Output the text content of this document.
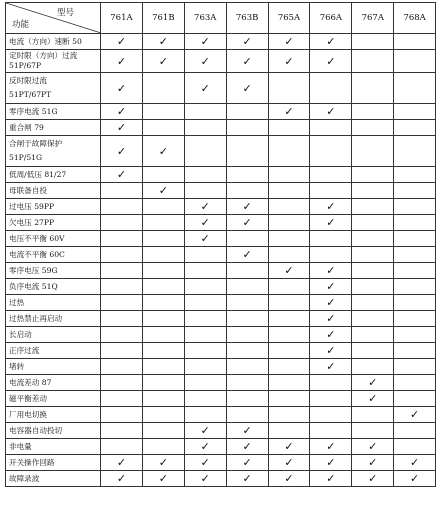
型号
功能	761A	761B	763A	763B	765A	766A	767A	768A

电流（方向）速断 50	✓	✓	✓	✓	✓	✓		

定时限（方向）过流
51P/67P	✓	✓	✓	✓	✓	✓		

反时限过流
51PT/67PT	✓		✓	✓				

零序电流 51G	✓				✓	✓		

重合闸 79	✓							

合闸于故障保护
51P/51G	✓	✓						

低周/低压 81/27	✓							

母联备自投		✓						

过电压 59PP			✓	✓		✓		

欠电压 27PP			✓	✓		✓		

电压不平衡 60V			✓					

电流不平衡 60C				✓				

零序电压 59G					✓	✓		

负序电流 51Q						✓		

过热						✓		

过热禁止再启动						✓		

长启动						✓		

正序过流						✓		

堵转						✓		

电流差动 87							✓	

磁平衡差动							✓	

厂用电切换								✓

电容器自动投切			✓	✓				

非电量			✓	✓	✓	✓	✓	

开关操作回路	✓	✓	✓	✓	✓	✓	✓	✓

故障录波	✓	✓	✓	✓	✓	✓	✓	✓
